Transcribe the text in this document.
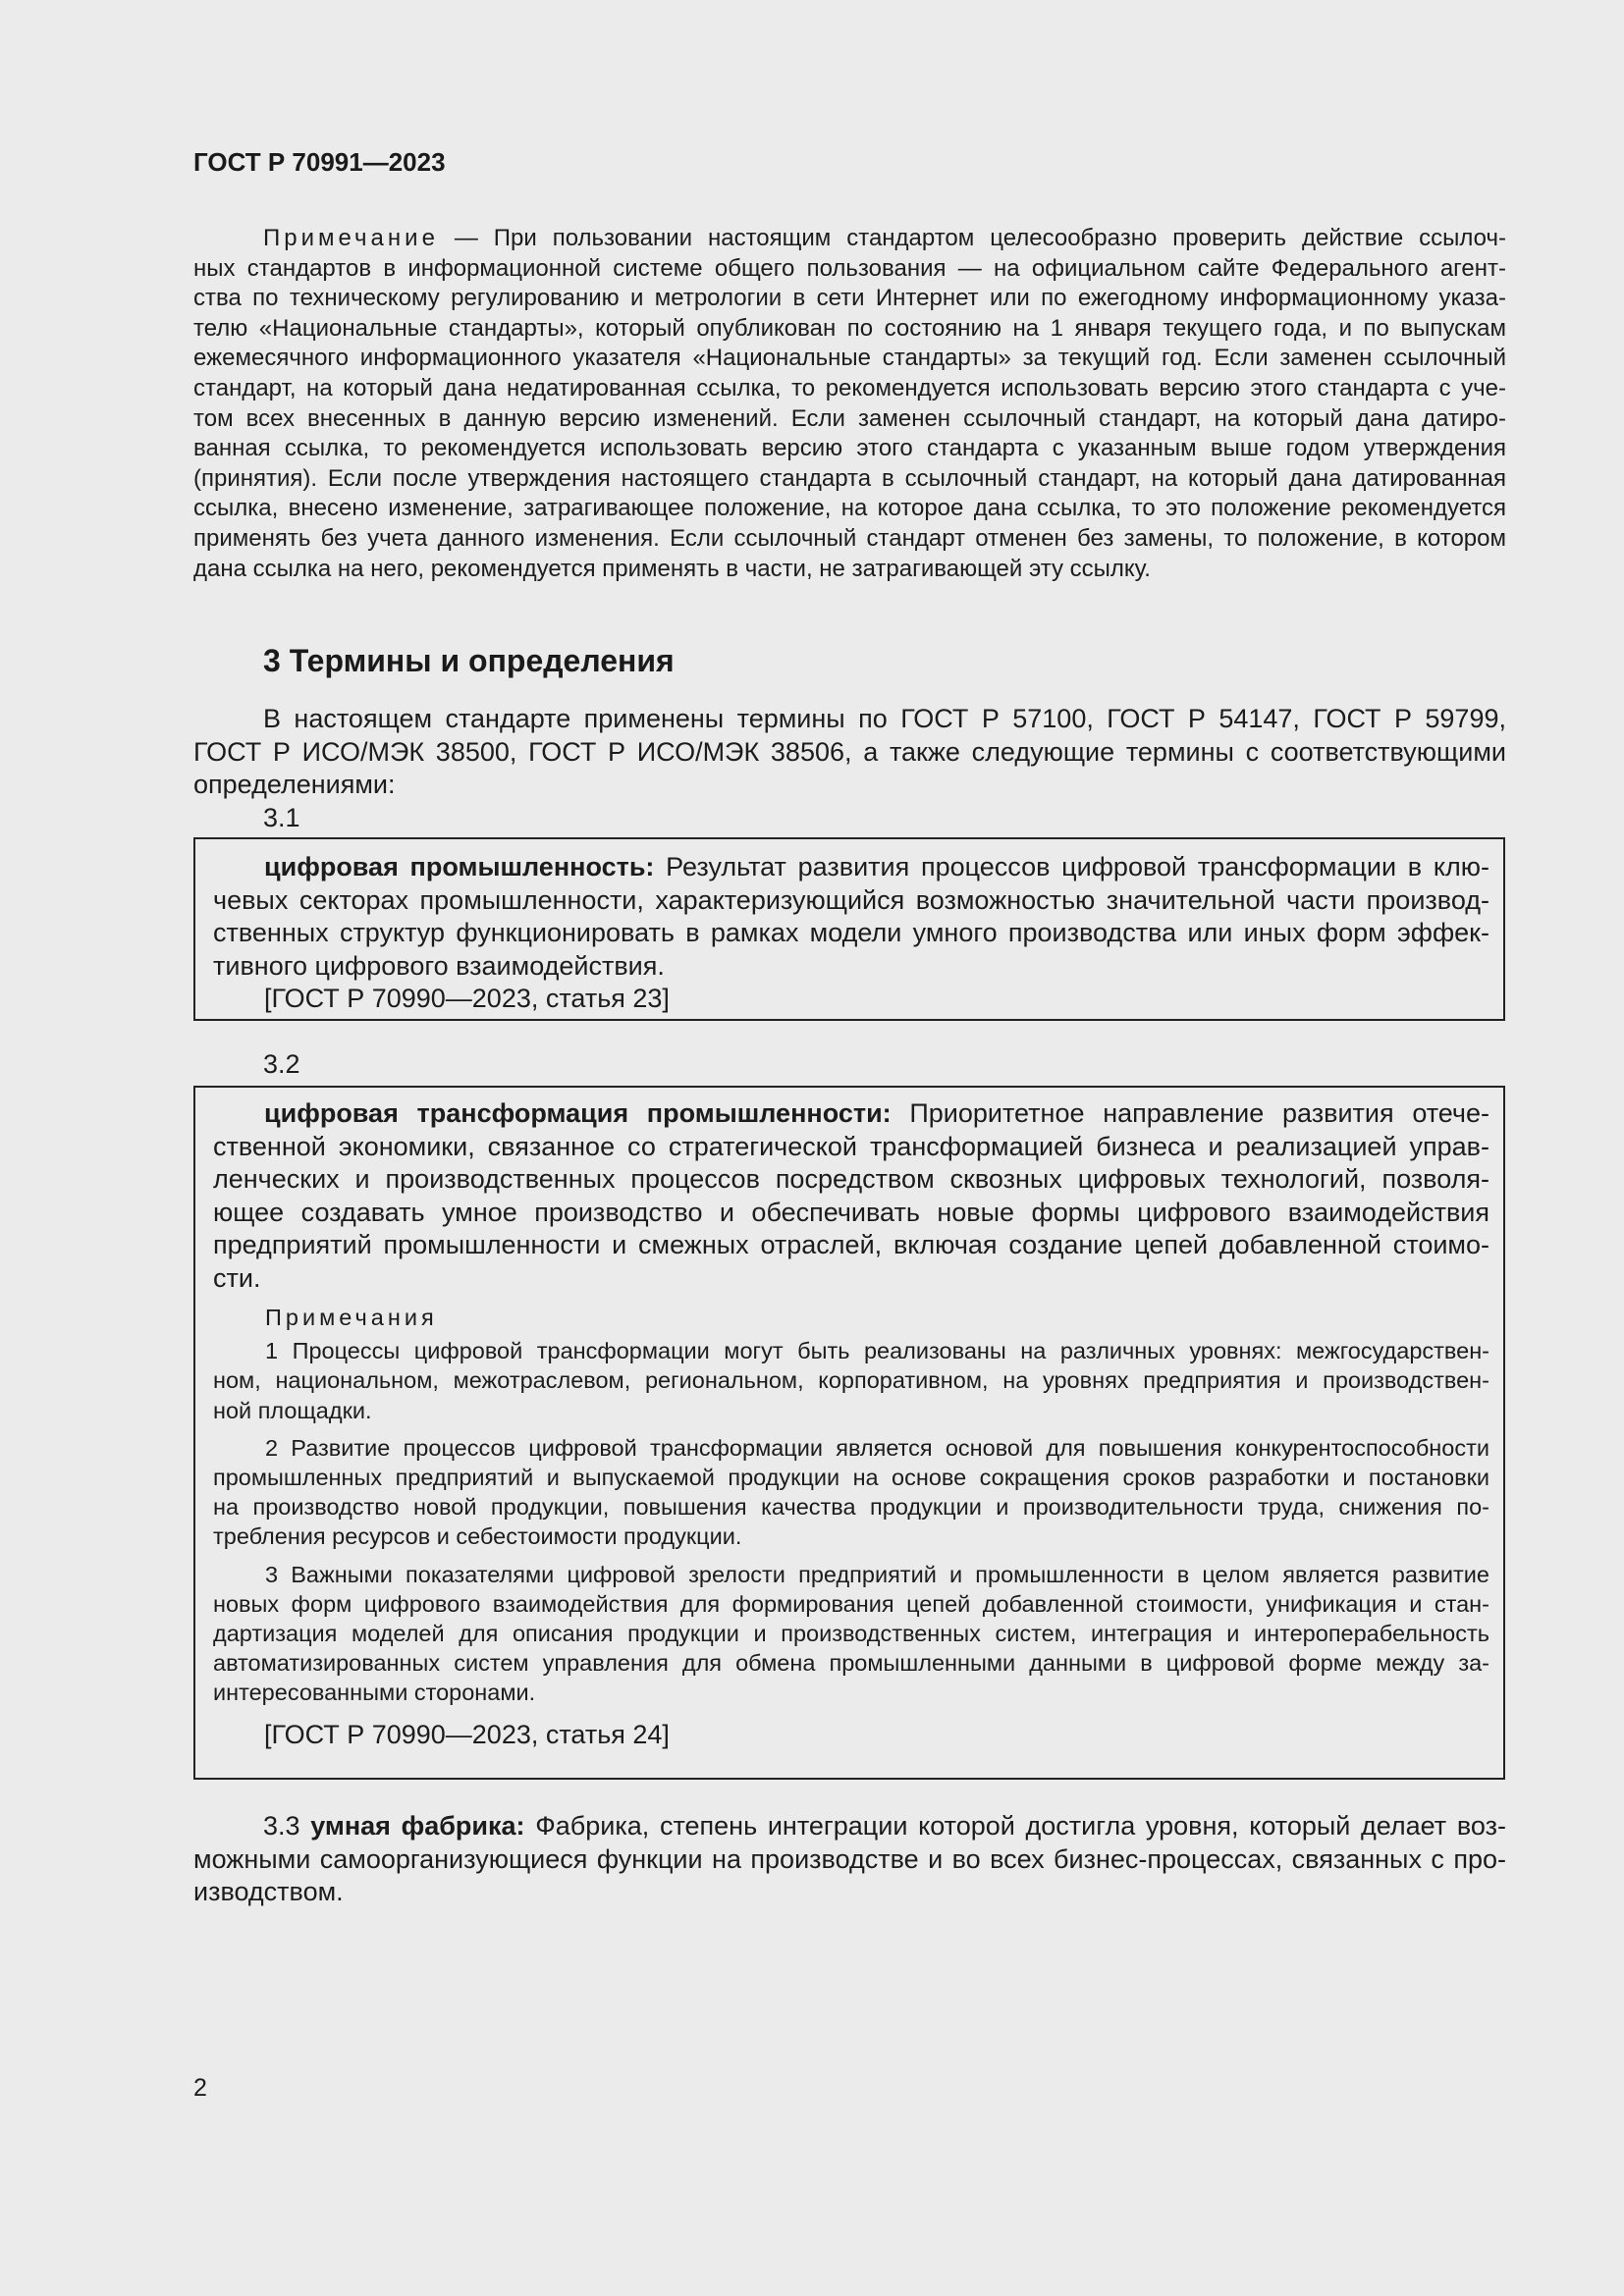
ГОСТ Р 70991—2023
Примечание — При пользовании настоящим стандартом целесообразно проверить действие ссылоч-
ных стандартов в информационной системе общего пользования — на официальном сайте Федерального агент-
ства по техническому регулированию и метрологии в сети Интернет или по ежегодному информационному указа-
телю «Национальные стандарты», который опубликован по состоянию на 1 января текущего года, и по выпускам
ежемесячного информационного указателя «Национальные стандарты» за текущий год. Если заменен ссылочный
стандарт, на который дана недатированная ссылка, то рекомендуется использовать версию этого стандарта с уче-
том всех внесенных в данную версию изменений. Если заменен ссылочный стандарт, на который дана датиро-
ванная ссылка, то рекомендуется использовать версию этого стандарта с указанным выше годом утверждения
(принятия). Если после утверждения настоящего стандарта в ссылочный стандарт, на который дана датированная
ссылка, внесено изменение, затрагивающее положение, на которое дана ссылка, то это положение рекомендуется
применять без учета данного изменения. Если ссылочный стандарт отменен без замены, то положение, в котором
дана ссылка на него, рекомендуется применять в части, не затрагивающей эту ссылку.
3 Термины и определения
В настоящем стандарте применены термины по ГОСТ Р 57100, ГОСТ Р 54147, ГОСТ Р 59799,
ГОСТ Р ИСО/МЭК 38500, ГОСТ Р ИСО/МЭК 38506, а также следующие термины с соответствующими
определениями:
3.1
цифровая промышленность: Результат развития процессов цифровой трансформации в клю-
чевых секторах промышленности, характеризующийся возможностью значительной части производ-
ственных структур функционировать в рамках модели умного производства или иных форм эффек-
тивного цифрового взаимодействия.
[ГОСТ Р 70990—2023, статья 23]
3.2
цифровая трансформация промышленности: Приоритетное направление развития отече-
ственной экономики, связанное со стратегической трансформацией бизнеса и реализацией управ-
ленческих и производственных процессов посредством сквозных цифровых технологий, позволя-
ющее создавать умное производство и обеспечивать новые формы цифрового взаимодействия
предприятий промышленности и смежных отраслей, включая создание цепей добавленной стоимо-
сти.
Примечания
1 Процессы цифровой трансформации могут быть реализованы на различных уровнях: межгосударствен-
ном, национальном, межотраслевом, региональном, корпоративном, на уровнях предприятия и производствен-
ной площадки.
2 Развитие процессов цифровой трансформации является основой для повышения конкурентоспособности
промышленных предприятий и выпускаемой продукции на основе сокращения сроков разработки и постановки
на производство новой продукции, повышения качества продукции и производительности труда, снижения по-
требления ресурсов и себестоимости продукции.
3 Важными показателями цифровой зрелости предприятий и промышленности в целом является развитие
новых форм цифрового взаимодействия для формирования цепей добавленной стоимости, унификация и стан-
дартизация моделей для описания продукции и производственных систем, интеграция и интероперабельность
автоматизированных систем управления для обмена промышленными данными в цифровой форме между за-
интересованными сторонами.
[ГОСТ Р 70990—2023, статья 24]
3.3 умная фабрика: Фабрика, степень интеграции которой достигла уровня, который делает воз-
можными самоорганизующиеся функции на производстве и во всех бизнес-процессах, связанных с про-
изводством.
2
